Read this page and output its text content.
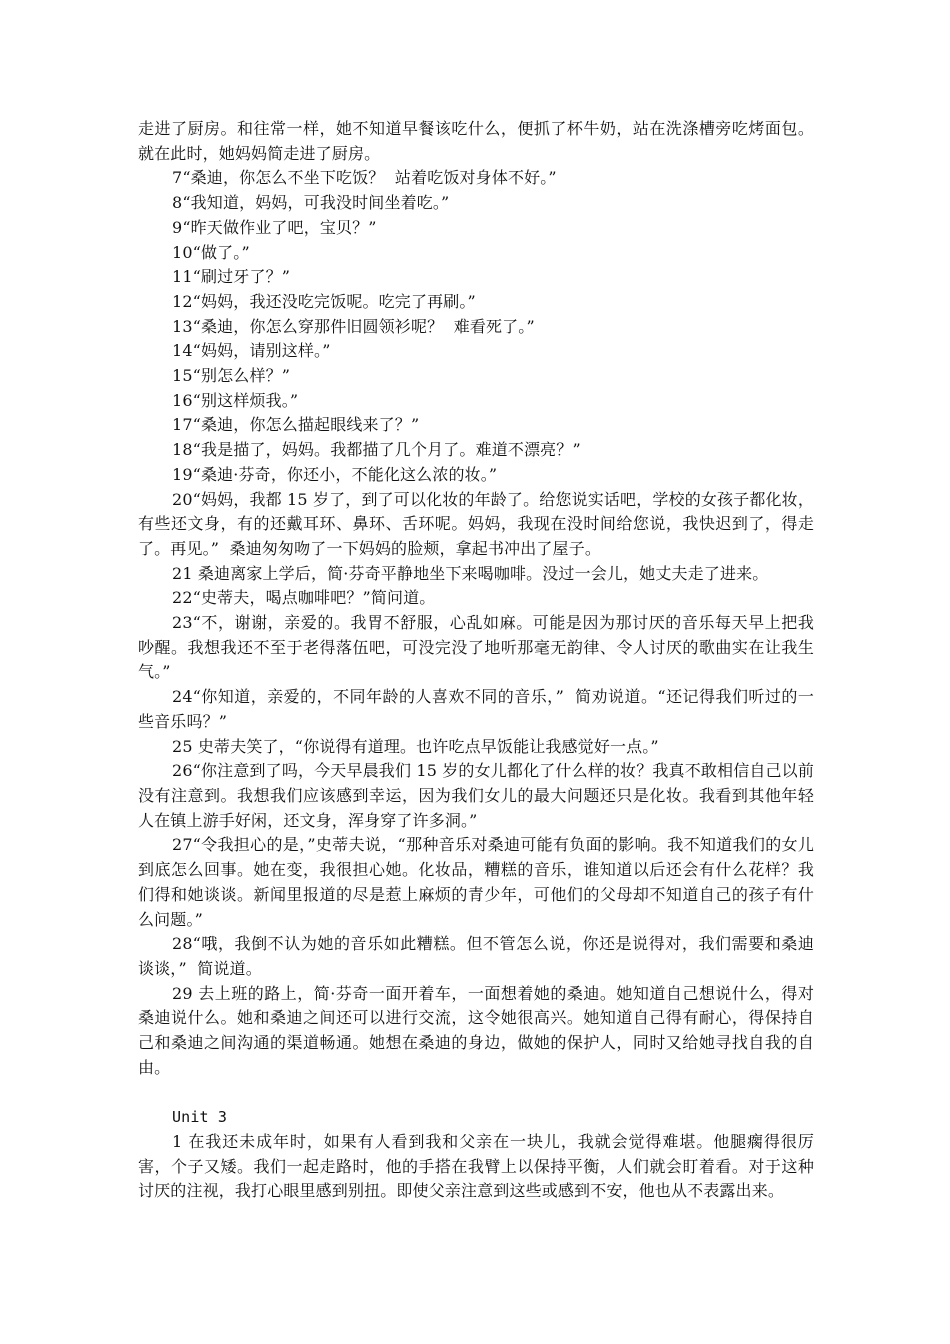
走进了厨房。和往常一样，她不知道早餐该吃什么，便抓了杯牛奶，站在洗涤槽旁吃烤面包。就在此时，她妈妈简走进了厨房。

7“桑迪，你怎么不坐下吃饭？  站着吃饭对身体不好。”

8“我知道，妈妈，可我没时间坐着吃。”

9“昨天做作业了吧，宝贝？”

10“做了。”

11“刷过牙了？”

12“妈妈，我还没吃完饭呢。吃完了再刷。”

13“桑迪，你怎么穿那件旧圆领衫呢？  难看死了。”

14“妈妈，请别这样。”

15“别怎么样？”

16“别这样烦我。”

17“桑迪，你怎么描起眼线来了？”

18“我是描了，妈妈。我都描了几个月了。难道不漂亮？”

19“桑迪·芬奇，你还小，不能化这么浓的妆。”

20“妈妈，我都 15 岁了，到了可以化妆的年龄了。给您说实话吧，学校的女孩子都化妆，有些还文身，有的还戴耳环、鼻环、舌环呢。妈妈，我现在没时间给您说，我快迟到了，得走了。再见。”  桑迪匆匆吻了一下妈妈的脸颊，拿起书冲出了屋子。

21 桑迪离家上学后，简·芬奇平静地坐下来喝咖啡。没过一会儿，她丈夫走了进来。

22“史蒂夫，喝点咖啡吧？”简问道。

23“不，谢谢，亲爱的。我胃不舒服，心乱如麻。可能是因为那讨厌的音乐每天早上把我吵醒。我想我还不至于老得落伍吧，可没完没了地听那毫无韵律、令人讨厌的歌曲实在让我生气。”

24“你知道，亲爱的，不同年龄的人喜欢不同的音乐，”  简劝说道。“还记得我们听过的一些音乐吗？”

25 史蒂夫笑了，“你说得有道理。也许吃点早饭能让我感觉好一点。”

26“你注意到了吗，今天早晨我们 15 岁的女儿都化了什么样的妆？我真不敢相信自己以前没有注意到。我想我们应该感到幸运，因为我们女儿的最大问题还只是化妆。我看到其他年轻人在镇上游手好闲，还文身，浑身穿了许多洞。”

27“令我担心的是，”史蒂夫说，“那种音乐对桑迪可能有负面的影响。我不知道我们的女儿到底怎么回事。她在变，我很担心她。化妆品，糟糕的音乐，谁知道以后还会有什么花样？我们得和她谈谈。新闻里报道的尽是惹上麻烦的青少年，可他们的父母却不知道自己的孩子有什么问题。”

28“哦，我倒不认为她的音乐如此糟糕。但不管怎么说，你还是说得对，我们需要和桑迪谈谈，”  简说道。

29 去上班的路上，简·芬奇一面开着车，一面想着她的桑迪。她知道自己想说什么，得对桑迪说什么。她和桑迪之间还可以进行交流，这令她很高兴。她知道自己得有耐心，得保持自己和桑迪之间沟通的渠道畅通。她想在桑迪的身边，做她的保护人，同时又给她寻找自我的自由。

Unit 3

1 在我还未成年时，如果有人看到我和父亲在一块儿，我就会觉得难堪。他腿瘸得很厉害，个子又矮。我们一起走路时，他的手搭在我臂上以保持平衡，人们就会盯着看。对于这种讨厌的注视，我打心眼里感到别扭。即使父亲注意到这些或感到不安，他也从不表露出来。
